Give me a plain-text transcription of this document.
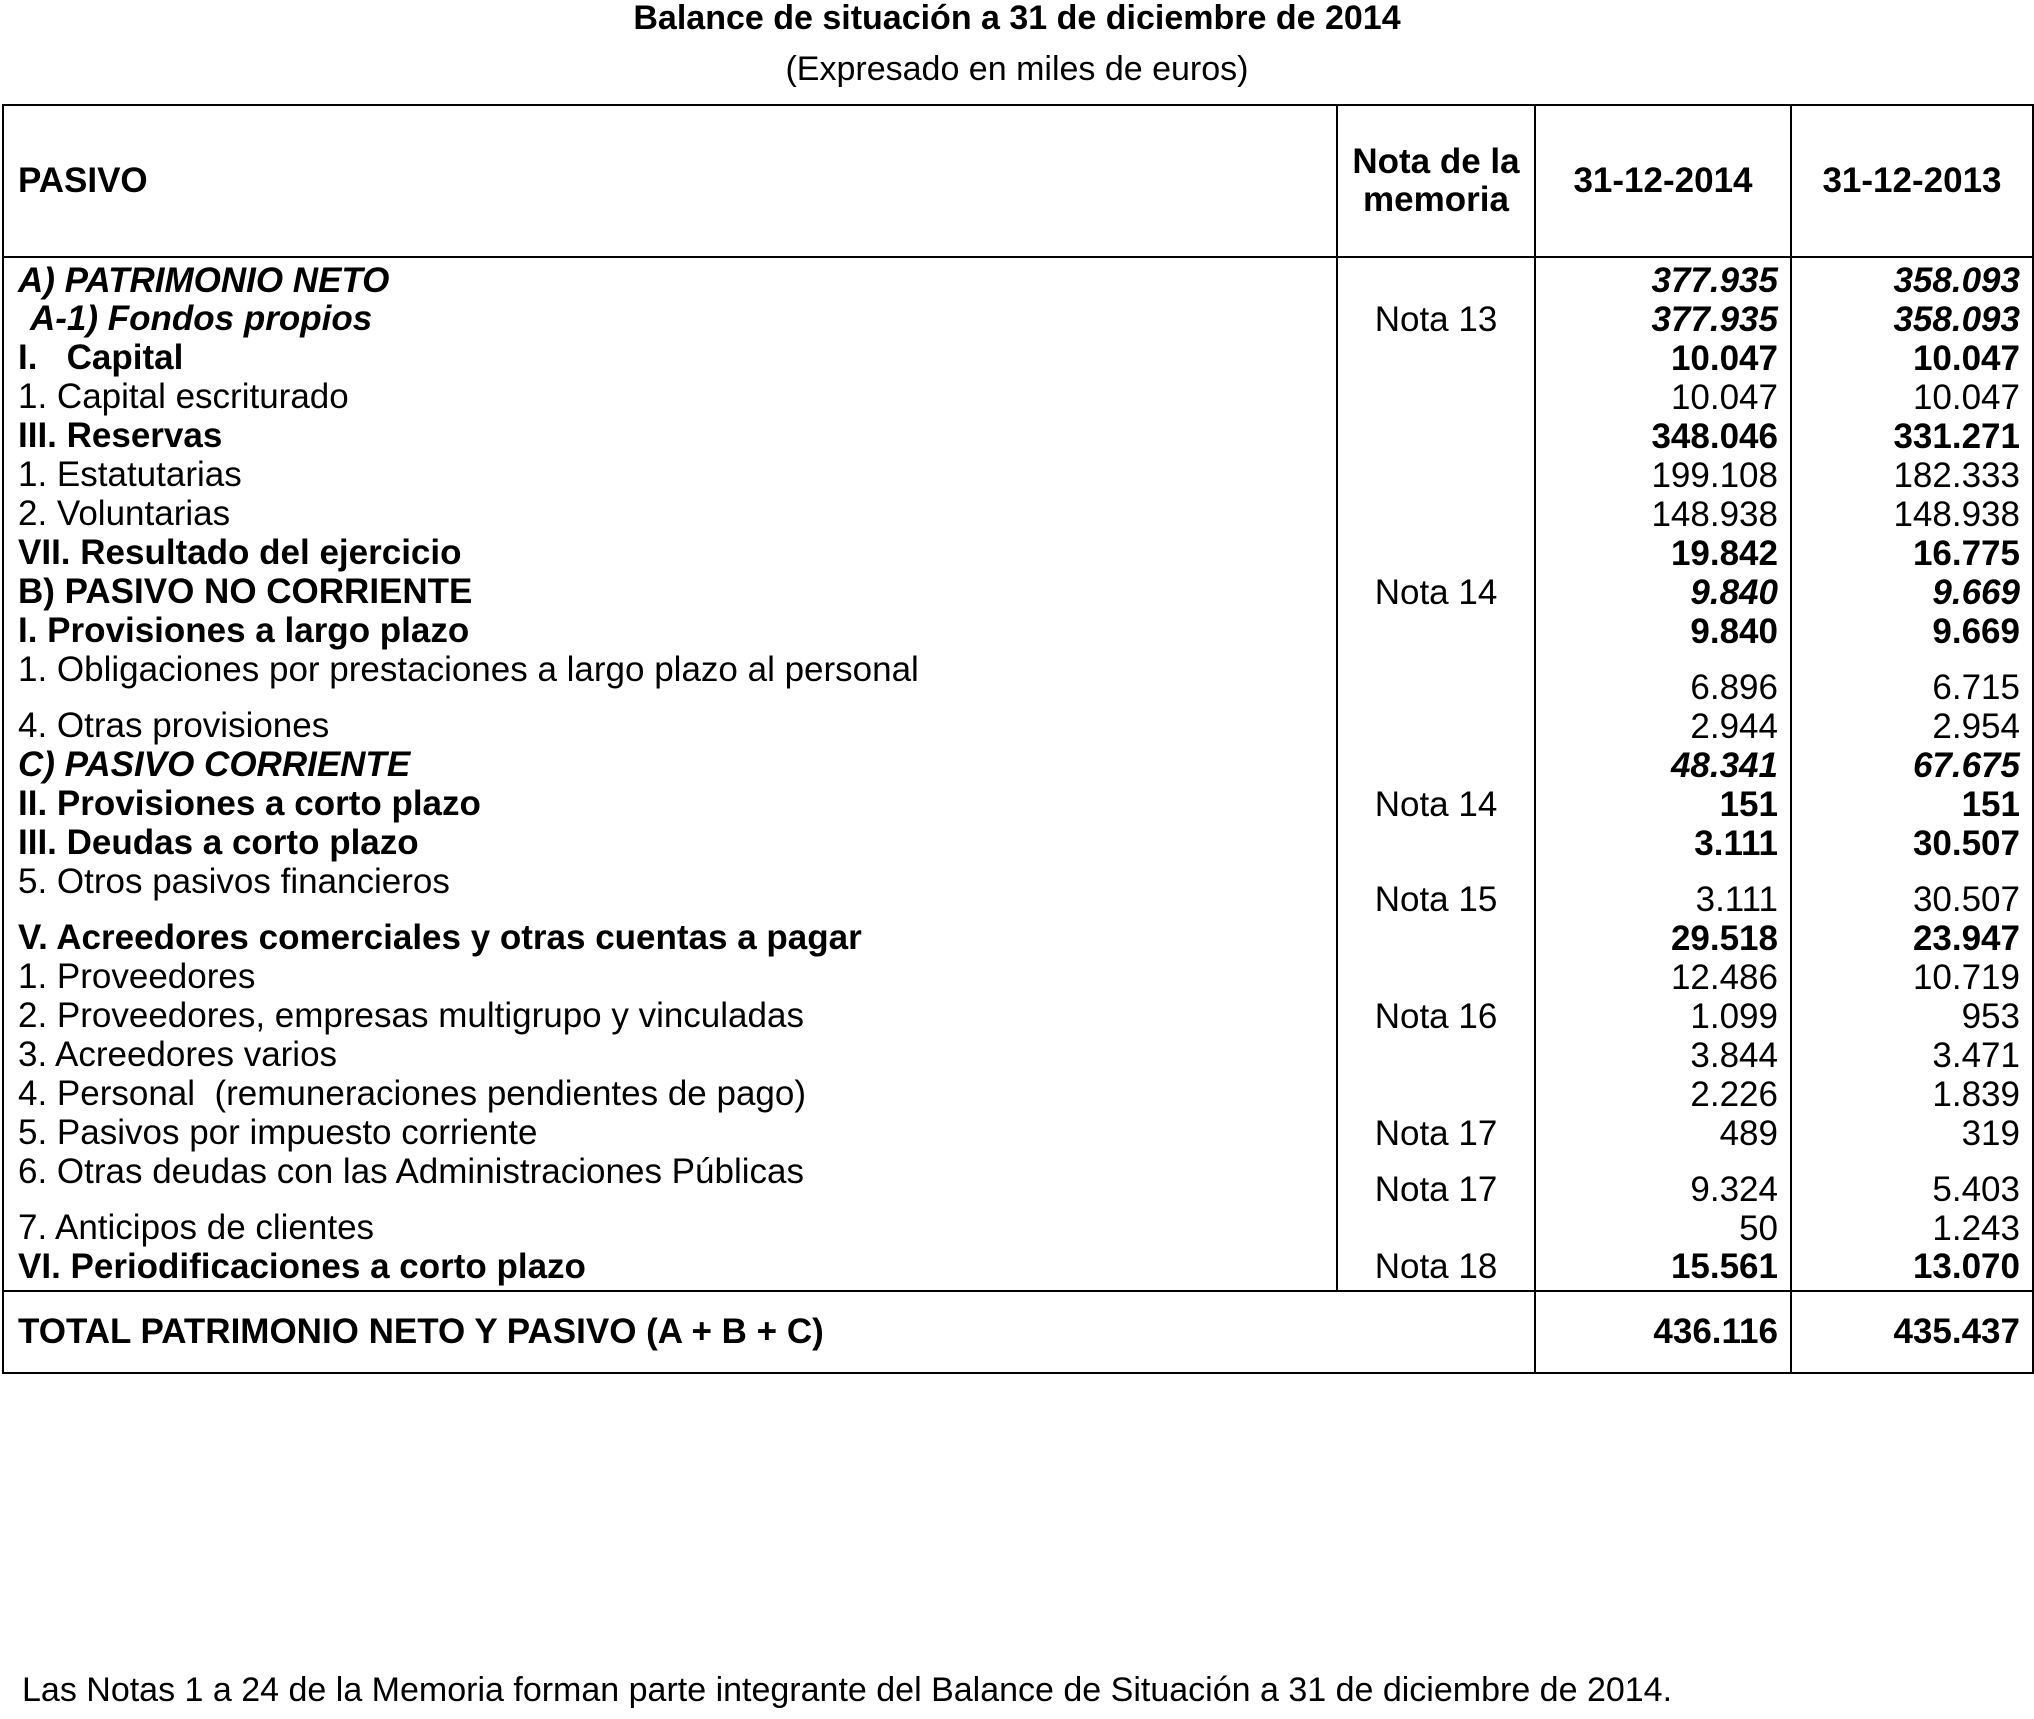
Balance de situación a 31 de diciembre de 2014
(Expresado en miles de euros)
PASIVO	Nota de la memoria	31-12-2014	31-12-2013
A) PATRIMONIO NETO		377.935	358.093
A-1) Fondos propios	Nota 13	377.935	358.093
I.   Capital		10.047	10.047
1. Capital escriturado		10.047	10.047
III. Reservas		348.046	331.271
1. Estatutarias		199.108	182.333
2. Voluntarias		148.938	148.938
VII. Resultado del ejercicio		19.842	16.775
B) PASIVO NO CORRIENTE	Nota 14	9.840	9.669
I. Provisiones a largo plazo		9.840	9.669
1. Obligaciones por prestaciones a largo plazo al personal		6.896	6.715
4. Otras provisiones		2.944	2.954
C) PASIVO CORRIENTE		48.341	67.675
II. Provisiones a corto plazo	Nota 14	151	151
III. Deudas a corto plazo		3.111	30.507
5. Otros pasivos financieros	Nota 15	3.111	30.507
V. Acreedores comerciales y otras cuentas a pagar		29.518	23.947
1. Proveedores		12.486	10.719
2. Proveedores, empresas multigrupo y vinculadas	Nota 16	1.099	953
3. Acreedores varios		3.844	3.471
4. Personal  (remuneraciones pendientes de pago)		2.226	1.839
5. Pasivos por impuesto corriente	Nota 17	489	319
6. Otras deudas con las Administraciones Públicas	Nota 17	9.324	5.403
7. Anticipos de clientes		50	1.243
VI. Periodificaciones a corto plazo	Nota 18	15.561	13.070
TOTAL PATRIMONIO NETO Y PASIVO (A + B + C)		436.116	435.437
Las Notas 1 a 24 de la Memoria forman parte integrante del Balance de Situación a 31 de diciembre de 2014.
